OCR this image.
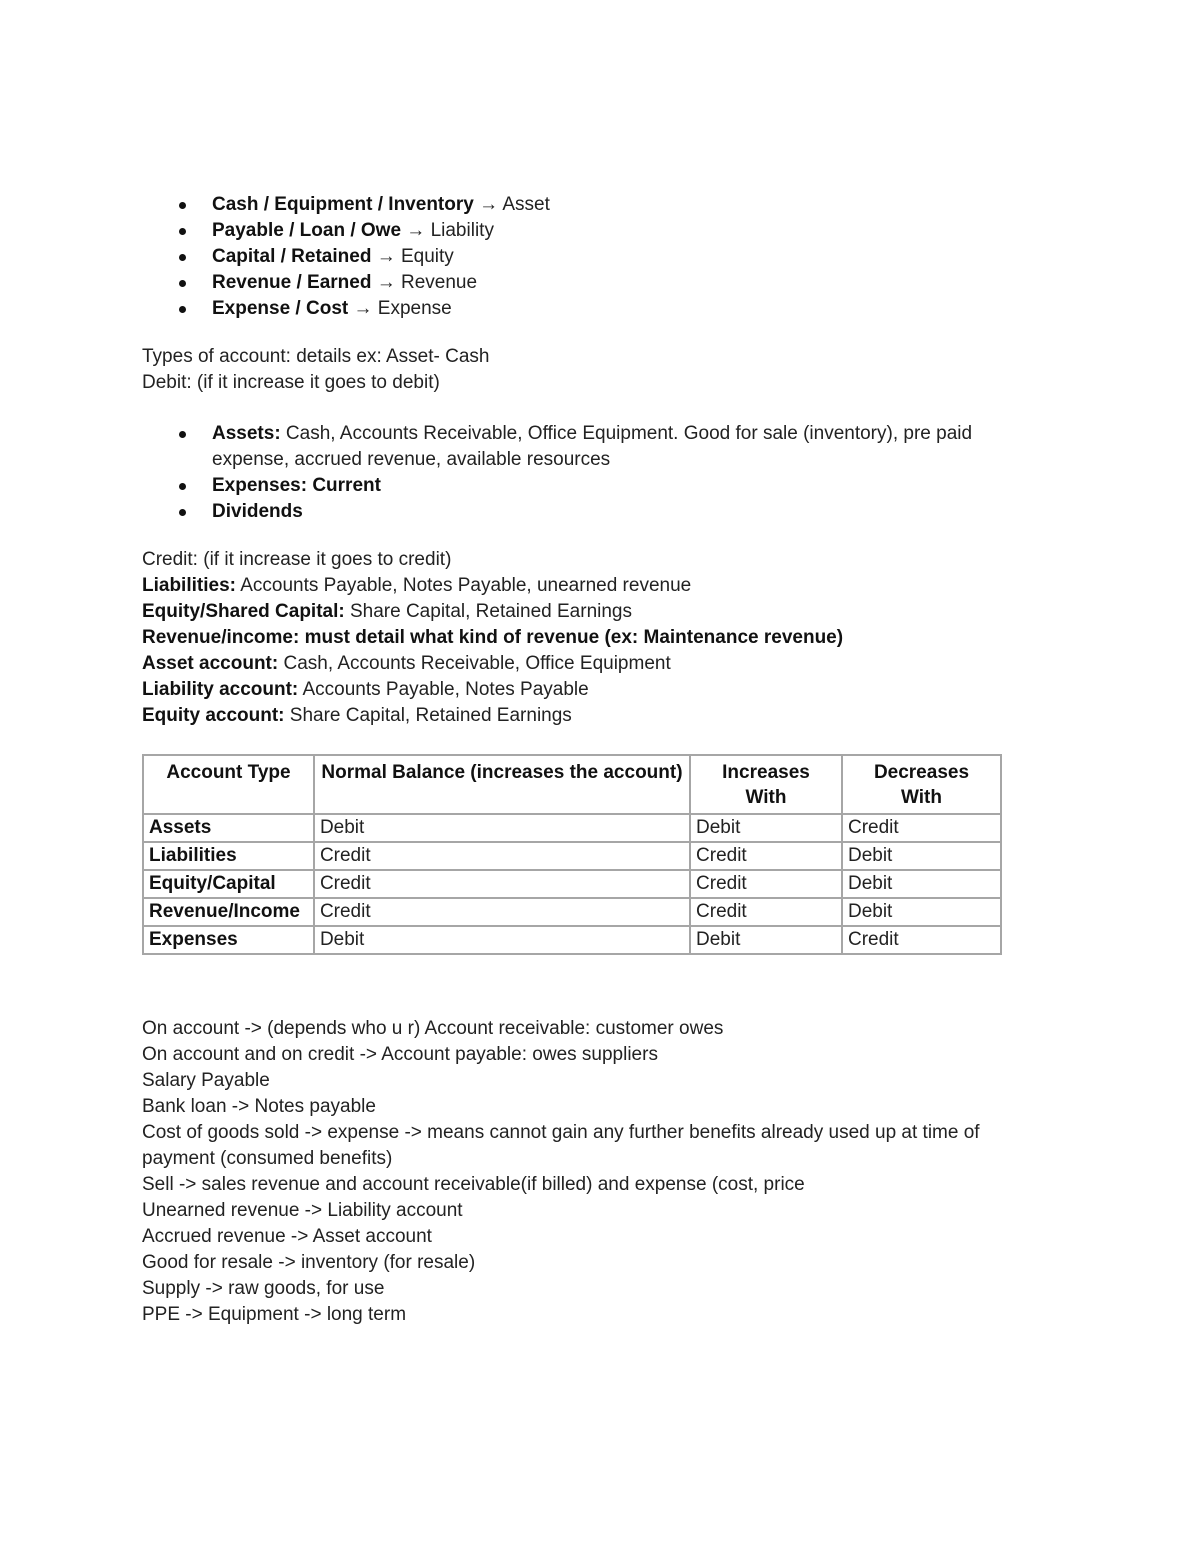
Cash / Equipment / Inventory → Asset
Payable / Loan / Owe → Liability
Capital / Retained → Equity
Revenue / Earned → Revenue
Expense / Cost → Expense
Types of account: details ex: Asset- Cash
Debit: (if it increase it goes to debit)
Assets: Cash, Accounts Receivable, Office Equipment. Good for sale (inventory), pre paid expense, accrued revenue, available resources
Expenses: Current
Dividends
Credit: (if it increase it goes to credit)
Liabilities: Accounts Payable, Notes Payable, unearned revenue
Equity/Shared Capital: Share Capital, Retained Earnings
Revenue/income: must detail what kind of revenue (ex: Maintenance revenue)
Asset account: Cash, Accounts Receivable, Office Equipment
Liability account: Accounts Payable, Notes Payable
Equity account: Share Capital, Retained Earnings
Account Type	Normal Balance (increases the account)	Increases With	Decreases With
Assets	Debit	Debit	Credit
Liabilities	Credit	Credit	Debit
Equity/Capital	Credit	Credit	Debit
Revenue/Income	Credit	Credit	Debit
Expenses	Debit	Debit	Credit
On account -> (depends who u r) Account receivable: customer owes
On account and on credit -> Account payable: owes suppliers
Salary Payable
Bank loan -> Notes payable
Cost of goods sold -> expense -> means cannot gain any further benefits already used up at time of payment (consumed benefits)
Sell -> sales revenue and account receivable(if billed) and expense (cost, price
Unearned revenue -> Liability account
Accrued revenue -> Asset account
Good for resale -> inventory (for resale)
Supply -> raw goods, for use
PPE -> Equipment -> long term
